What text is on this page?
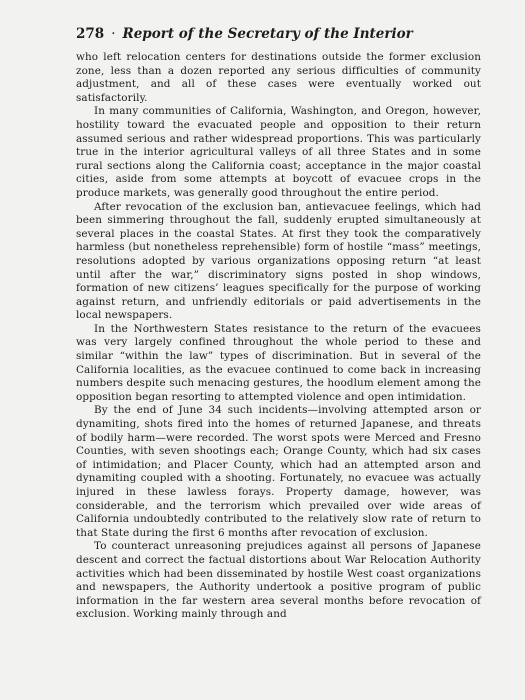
278 · Report of the Secretary of the Interior

who left relocation centers for destinations outside the former exclusion zone, less than a dozen reported any serious difficulties of community adjustment, and all of these cases were eventually worked out satisfactorily.

In many communities of California, Washington, and Oregon, however, hostility toward the evacuated people and opposition to their return assumed serious and rather widespread proportions. This was particularly true in the interior agricultural valleys of all three States and in some rural sections along the California coast; acceptance in the major coastal cities, aside from some attempts at boycott of evacuee crops in the produce markets, was generally good throughout the entire period.

After revocation of the exclusion ban, antievacuee feelings, which had been simmering throughout the fall, suddenly erupted simultaneously at several places in the coastal States. At first they took the comparatively harmless (but nonetheless reprehensible) form of hostile “mass” meetings, resolutions adopted by various organizations opposing return “at least until after the war,” discriminatory signs posted in shop windows, formation of new citizens’ leagues specifically for the purpose of working against return, and unfriendly editorials or paid advertisements in the local newspapers.

In the Northwestern States resistance to the return of the evacuees was very largely confined throughout the whole period to these and similar “within the law” types of discrimination. But in several of the California localities, as the evacuee continued to come back in increasing numbers despite such menacing gestures, the hoodlum element among the opposition began resorting to attempted violence and open intimidation.

By the end of June 34 such incidents—involving attempted arson or dynamiting, shots fired into the homes of returned Japanese, and threats of bodily harm—were recorded. The worst spots were Merced and Fresno Counties, with seven shootings each; Orange County, which had six cases of intimidation; and Placer County, which had an attempted arson and dynamiting coupled with a shooting. Fortunately, no evacuee was actually injured in these lawless forays. Property damage, however, was considerable, and the terrorism which prevailed over wide areas of California undoubtedly contributed to the relatively slow rate of return to that State during the first 6 months after revocation of exclusion.

To counteract unreasoning prejudices against all persons of Japanese descent and correct the factual distortions about War Relocation Authority activities which had been disseminated by hostile West coast organizations and newspapers, the Authority undertook a positive program of public information in the far western area several months before revocation of exclusion. Working mainly through and
